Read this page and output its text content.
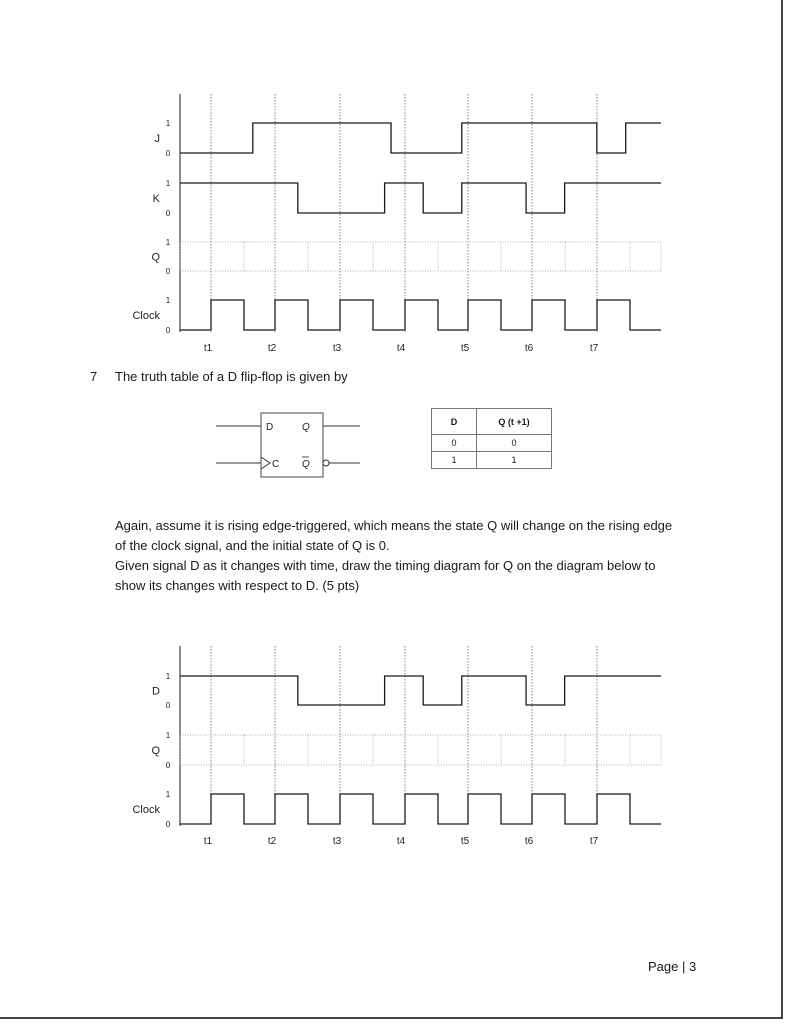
J
1
0
K
1
0
Q
1
0
Clock
1
0
t1	t2	t3	t4	t5	t6	t7
7 The truth table of a D flip-flop is given by
D	Q
C Q
D	Q (t +1)
0	0
1	1

Again, assume it is rising edge-triggered, which means the state Q will change on the rising edge

of the clock signal, and the initial state of Q is 0.

Given signal D as it changes with time, draw the timing diagram for Q on the diagram below to

show its changes with respect to D. (5 pts)

D
1
0
Q
1
0
Clock
1
0
t1	t2	t3	t4	t5	t6	t7
Page | 3
